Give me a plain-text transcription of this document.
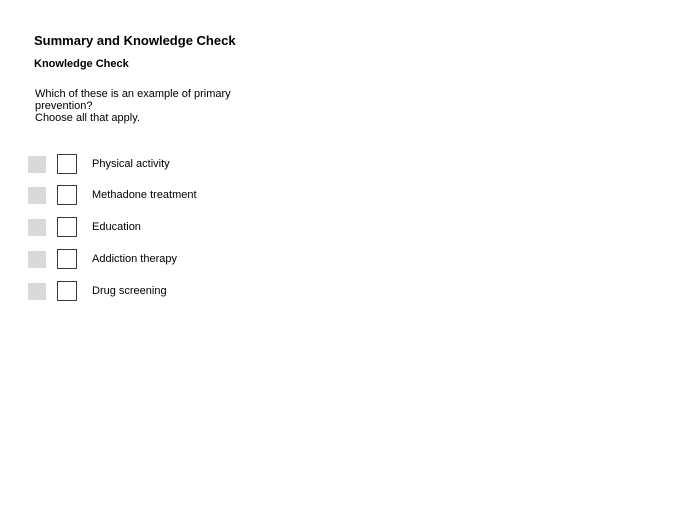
Summary and Knowledge Check
Knowledge Check
Which of these is an example of primary
prevention?
Choose all that apply.
Physical activity
Methadone treatment
Education
Addiction therapy
Drug screening
